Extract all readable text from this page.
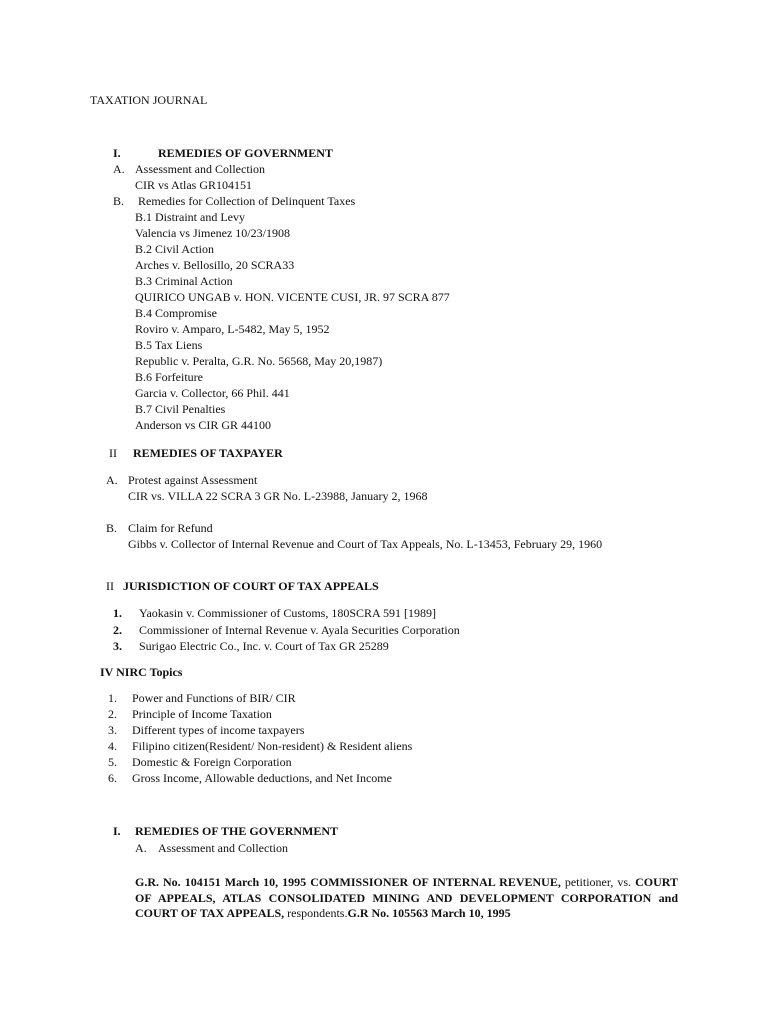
TAXATION JOURNAL
I.	REMEDIES OF GOVERNMENT
A. Assessment and Collection
CIR vs Atlas GR104151
B. Remedies for Collection of Delinquent Taxes
B.1 Distraint and Levy
Valencia vs Jimenez 10/23/1908
B.2 Civil Action
Arches v. Bellosillo, 20 SCRA33
B.3 Criminal Action
QUIRICO UNGAB v. HON. VICENTE CUSI, JR. 97 SCRA 877
B.4 Compromise
Roviro v. Amparo, L-5482, May 5, 1952
B.5 Tax Liens
Republic v. Peralta, G.R. No. 56568, May 20,1987)
B.6 Forfeiture
Garcia v. Collector, 66 Phil. 441
B.7 Civil Penalties
Anderson vs CIR GR 44100
II REMEDIES OF TAXPAYER
A. Protest against Assessment
CIR vs. VILLA 22 SCRA 3 GR No. L-23988, January 2, 1968
B. Claim for Refund
Gibbs v. Collector of Internal Revenue and Court of Tax Appeals, No. L-13453, February 29, 1960
II JURISDICTION OF COURT OF TAX APPEALS
1. Yaokasin v. Commissioner of Customs, 180SCRA 591 [1989]
2. Commissioner of Internal Revenue v. Ayala Securities Corporation
3. Surigao Electric Co., Inc. v. Court of Tax GR 25289
IV NIRC Topics
1. Power and Functions of BIR/ CIR
2. Principle of Income Taxation
3. Different types of income taxpayers
4. Filipino citizen(Resident/ Non-resident) & Resident aliens
5. Domestic & Foreign Corporation
6. Gross Income, Allowable deductions, and Net Income
I. REMEDIES OF THE GOVERNMENT
A. Assessment and Collection
G.R. No. 104151 March 10, 1995 COMMISSIONER OF INTERNAL REVENUE, petitioner, vs. COURT OF APPEALS, ATLAS CONSOLIDATED MINING AND DEVELOPMENT CORPORATION and COURT OF TAX APPEALS, respondents.G.R No. 105563 March 10, 1995
